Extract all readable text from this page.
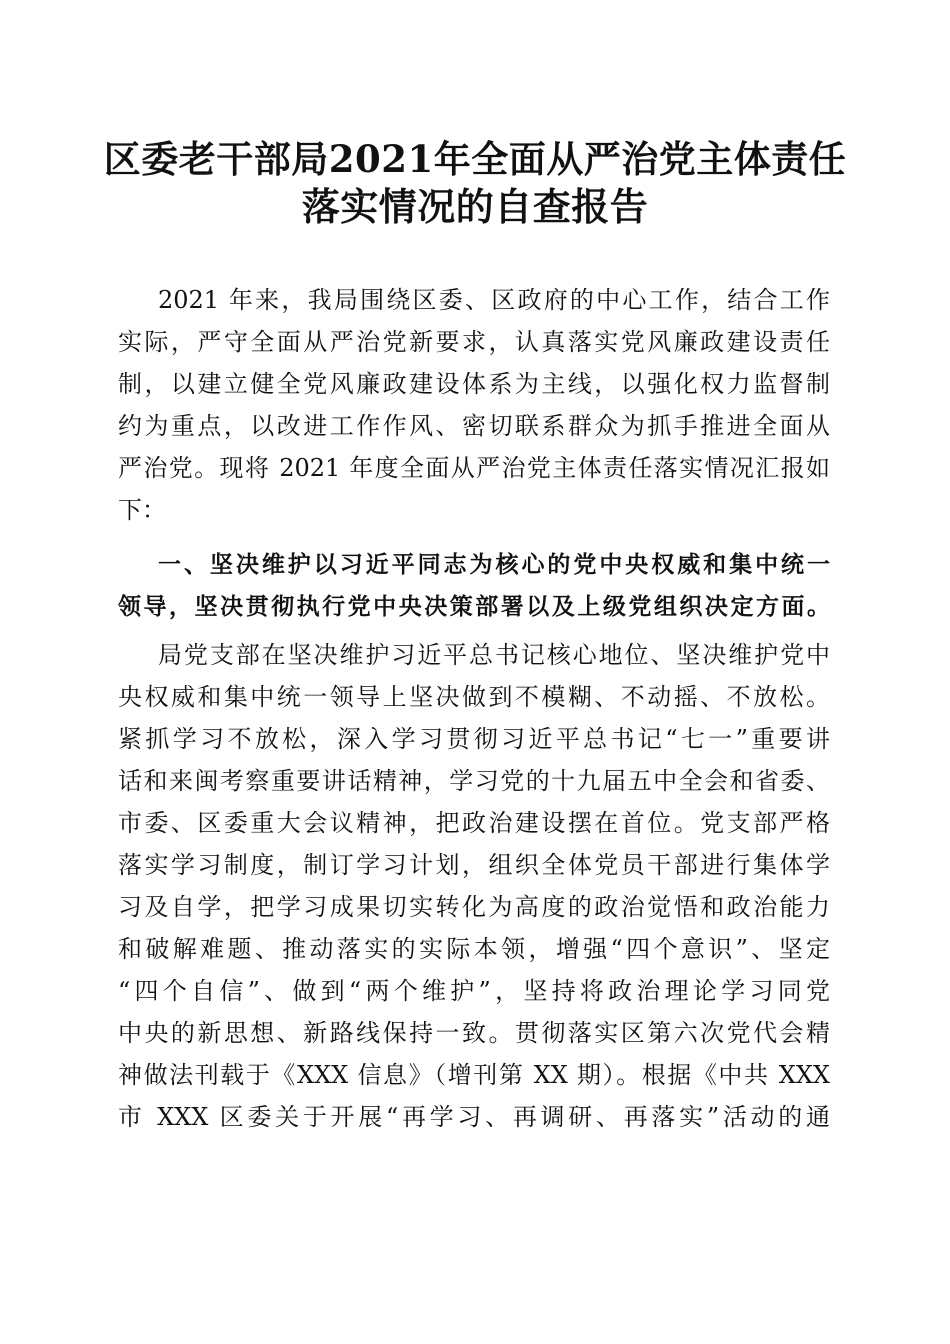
区委老干部局2021年全面从严治党主体责任
落实情况的自查报告
2021 年来，我局围绕区委、区政府的中心工作，结合工作
实际，严守全面从严治党新要求，认真落实党风廉政建设责任
制，以建立健全党风廉政建设体系为主线，以强化权力监督制
约为重点，以改进工作作风、密切联系群众为抓手推进全面从
严治党。现将 2021 年度全面从严治党主体责任落实情况汇报如
下：
一、坚决维护以习近平同志为核心的党中央权威和集中统一
领导，坚决贯彻执行党中央决策部署以及上级党组织决定方面。
局党支部在坚决维护习近平总书记核心地位、坚决维护党中
央权威和集中统一领导上坚决做到不模糊、不动摇、不放松。
紧抓学习不放松，深入学习贯彻习近平总书记“七一”重要讲
话和来闽考察重要讲话精神，学习党的十九届五中全会和省委、
市委、区委重大会议精神，把政治建设摆在首位。党支部严格
落实学习制度，制订学习计划，组织全体党员干部进行集体学
习及自学，把学习成果切实转化为高度的政治觉悟和政治能力
和破解难题、推动落实的实际本领，增强“四个意识”、坚定
“四个自信”、做到“两个维护”，坚持将政治理论学习同党
中央的新思想、新路线保持一致。贯彻落实区第六次党代会精
神做法刊载于《XXX 信息》（增刊第 XX 期）。根据《中共 XXX
市 XXX 区委关于开展“再学习、再调研、再落实”活动的通
